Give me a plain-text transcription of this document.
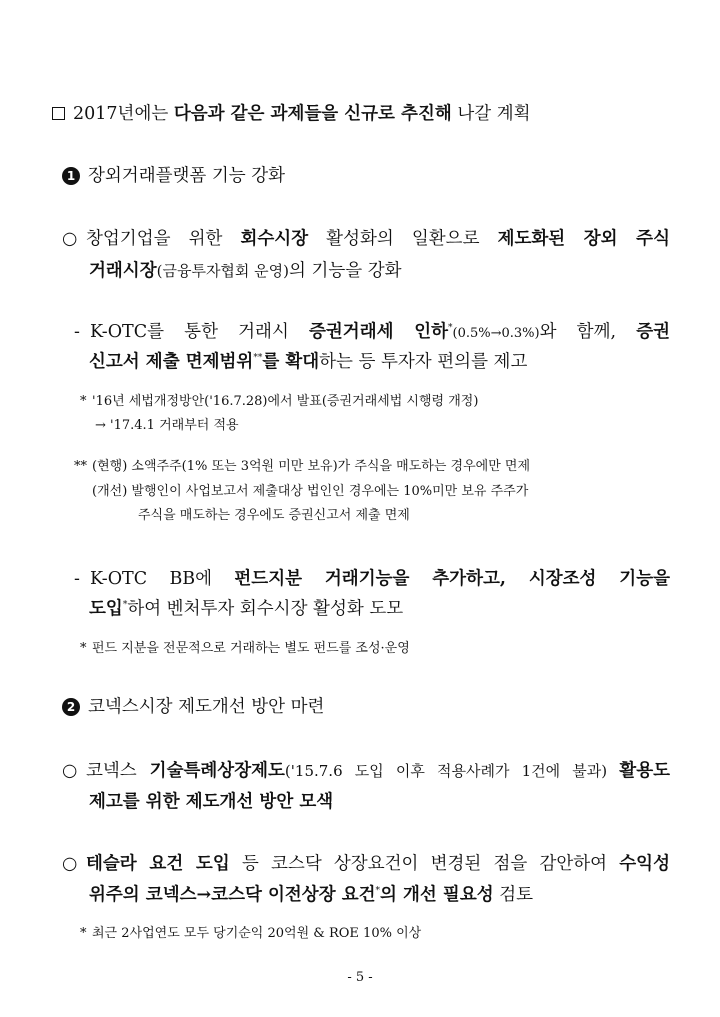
2017년에는 다음과 같은 과제들을 신규로 추진해 나갈 계획
1 장외거래플랫폼 기능 강화
○ 창업기업을 위한 회수시장 활성화의 일환으로 제도화된 장외 주식
거래시장(금융투자협회 운영)의 기능을 강화
- K-OTC를 통한 거래시 증권거래세 인하*(0.5%→0.3%)와 함께, 증권
신고서 제출 면제범위**를 확대하는 등 투자자 편의를 제고
* '16년 세법개정방안('16.7.28)에서 발표(증권거래세법 시행령 개정)
→ '17.4.1 거래부터 적용
** (현행) 소액주주(1% 또는 3억원 미만 보유)가 주식을 매도하는 경우에만 면제
(개선) 발행인이 사업보고서 제출대상 법인인 경우에는 10%미만 보유 주주가
주식을 매도하는 경우에도 증권신고서 제출 면제
- K-OTC BB에 펀드지분 거래기능을 추가하고, 시장조성 기능을
도입*하여 벤처투자 회수시장 활성화 도모
* 펀드 지분을 전문적으로 거래하는 별도 펀드를 조성·운영
2 코넥스시장 제도개선 방안 마련
○ 코넥스 기술특례상장제도('15.7.6 도입 이후 적용사례가 1건에 불과) 활용도
제고를 위한 제도개선 방안 모색
○ 테슬라 요건 도입 등 코스닥 상장요건이 변경된 점을 감안하여 수익성
위주의 코넥스→코스닥 이전상장 요건*의 개선 필요성 검토
* 최근 2사업연도 모두 당기순익 20억원 & ROE 10% 이상
- 5 -
